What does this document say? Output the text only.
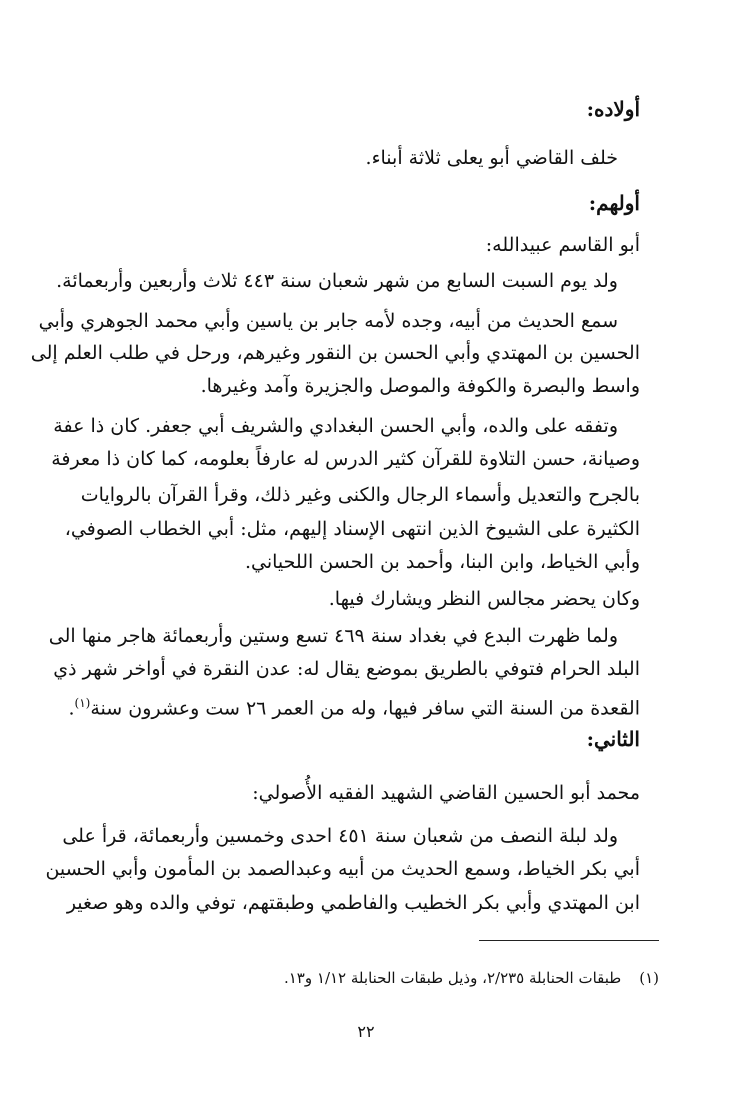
أولاده:
خلف القاضي أبو يعلى ثلاثة أبناء.
أولهم:
أبو القاسم عبيدالله:
ولد يوم السبت السابع من شهر شعبان سنة ٤٤٣ ثلاث وأربعين وأربعمائة.
سمع الحديث من أبيه، وجده لأمه جابر بن ياسين وأبي محمد الجوهري وأبي
الحسين بن المهتدي وأبي الحسن بن النقور وغيرهم، ورحل في طلب العلم إلى
واسط والبصرة والكوفة والموصل والجزيرة وآمد وغيرها.
وتفقه على والده، وأبي الحسن البغدادي والشريف أبي جعفر. كان ذا عفة
وصيانة، حسن التلاوة للقرآن كثير الدرس له عارفاً بعلومه، كما كان ذا معرفة
بالجرح والتعديل وأسماء الرجال والكنى وغير ذلك، وقرأ القرآن بالروايات
الكثيرة على الشيوخ الذين انتهى الإسناد إليهم، مثل: أبي الخطاب الصوفي،
وأبي الخياط، وابن البنا، وأحمد بن الحسن اللحياني.
وكان يحضر مجالس النظر ويشارك فيها.
ولما ظهرت البدع في بغداد سنة ٤٦٩ تسع وستين وأربعمائة هاجر منها الى
البلد الحرام فتوفي بالطريق بموضع يقال له: عدن النقرة في أواخر شهر ذي
القعدة من السنة التي سافر فيها، وله من العمر ٢٦ ست وعشرون سنة$^{(١)}$.
الثاني:
محمد أبو الحسين القاضي الشهيد الفقيه الأُصولي:
ولد لبلة النصف من شعبان سنة ٤٥١ احدى وخمسين وأربعمائة، قرأ على
أبي بكر الخياط، وسمع الحديث من أبيه وعبدالصمد بن المأمون وأبي الحسين
ابن المهتدي وأبي بكر الخطيب والفاطمي وطبقتهم، توفي والده وهو صغير
(١)طبقات الحنابلة ٢/٢٣٥، وذيل طبقات الحنابلة ١/١٢ و١٣.
٢٢
